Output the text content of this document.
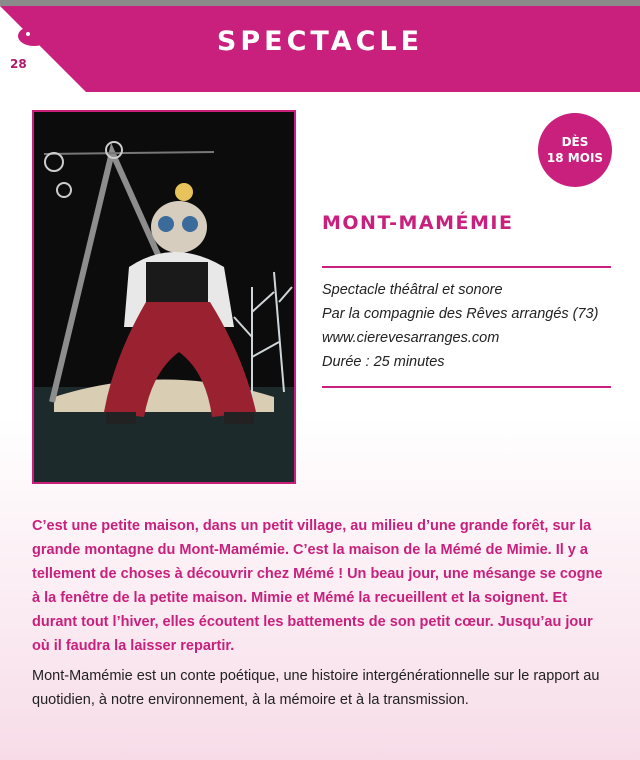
28
SPECTACLE
DÈS
18 MOIS
MONT-MAMÉMIE
Spectacle théâtral et sonore
Par la compagnie des Rêves arrangés (73)
www.cierevesarranges.com
Durée : 25 minutes

C’est une petite maison, dans un petit village, au milieu d’une grande forêt, sur la grande montagne du Mont-Mamémie. C’est la maison de la Mémé de Mimie. Il y a tellement de choses à découvrir chez Mémé ! Un beau jour, une mésange se cogne à la fenêtre de la petite maison. Mimie et Mémé la recueillent et la soignent. Et durant tout l’hiver, elles écoutent les battements de son petit cœur. Jusqu’au jour où il faudra la laisser repartir.

Mont-Mamémie est un conte poétique, une histoire intergénérationnelle sur le rapport au quotidien, à notre environnement, à la mémoire et à la transmission.
